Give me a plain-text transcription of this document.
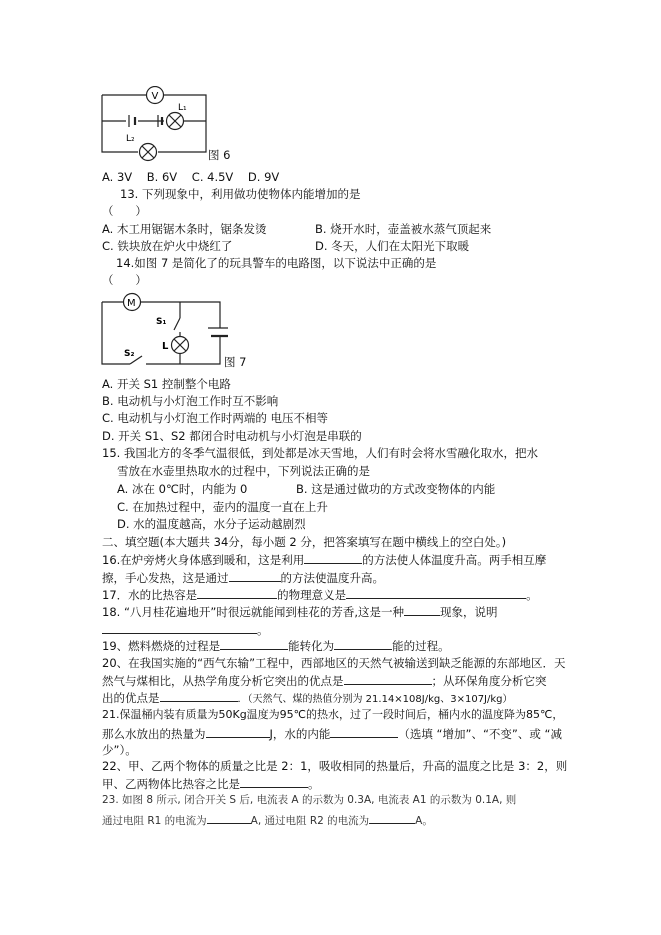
V
L₁
L₂
图 6
A. 3V    B. 6V    C. 4.5V    D. 9V
13. 下列现象中，利用做功使物体内能增加的是
（      ）
A. 木工用锯锯木条时，锯条发烫	B. 烧开水时，壶盖被水蒸气顶起来
C. 铁块放在炉火中烧红了	D. 冬天，人们在太阳光下取暖
14.如图 7 是简化了的玩具警车的电路图，以下说法中正确的是
（      ）
M
S₁
L
S₂
图 7
A. 开关 S1 控制整个电路
B. 电动机与小灯泡工作时互不影响
C. 电动机与小灯泡工作时两端的 电压不相等
D. 开关 S1、S2 都闭合时电动机与小灯泡是串联的
15. 我国北方的冬季气温很低，到处都是冰天雪地，人们有时会将水雪融化取水，把水
雪放在水壶里热取水的过程中，下列说法正确的是
A. 冰在 0℃时，内能为 0	B. 这是通过做功的方式改变物体的内能
C. 在加热过程中，壶内的温度一直在上升
D. 水的温度越高，水分子运动越剧烈
二、填空题(本大题共 34分，每小题 2 分，把答案填写在题中横线上的空白处。)
16.在炉旁烤火身体感到暖和，这是利用	的方法使人体温度升高。两手相互摩
擦，手心发热，这是通过	的方法使温度升高。
17．水的比热容是	的物理意义是	。
18. “八月桂花遍地开”时很远就能闻到桂花的芳香,这是一种	现象，说明
。
19、燃料燃烧的过程是	能转化为	能的过程。
20、在我国实施的“西气东输”工程中，西部地区的天然气被输送到缺乏能源的东部地区．天
然气与煤相比，从热学角度分析它突出的优点是	；从环保角度分析它突
出的优点是	．（天然气、煤的热值分别为 21.14×108J/kg、3×107J/kg）
21.保温桶内装有质量为50Kg温度为95℃的热水，过了一段时间后，桶内水的温度降为85℃，
那么水放出的热量为	J，水的内能	（选填 “增加”、“不变”、或 “减
少”）。
22、甲、乙两个物体的质量之比是 2：1，吸收相同的热量后，升高的温度之比是 3：2，则
甲、乙两物体比热容之比是	。
23. 如图 8 所示, 闭合开关 S 后, 电流表 A 的示数为 0.3A, 电流表 A1 的示数为 0.1A, 则
通过电阻 R1 的电流为	A, 通过电阻 R2 的电流为	A。
